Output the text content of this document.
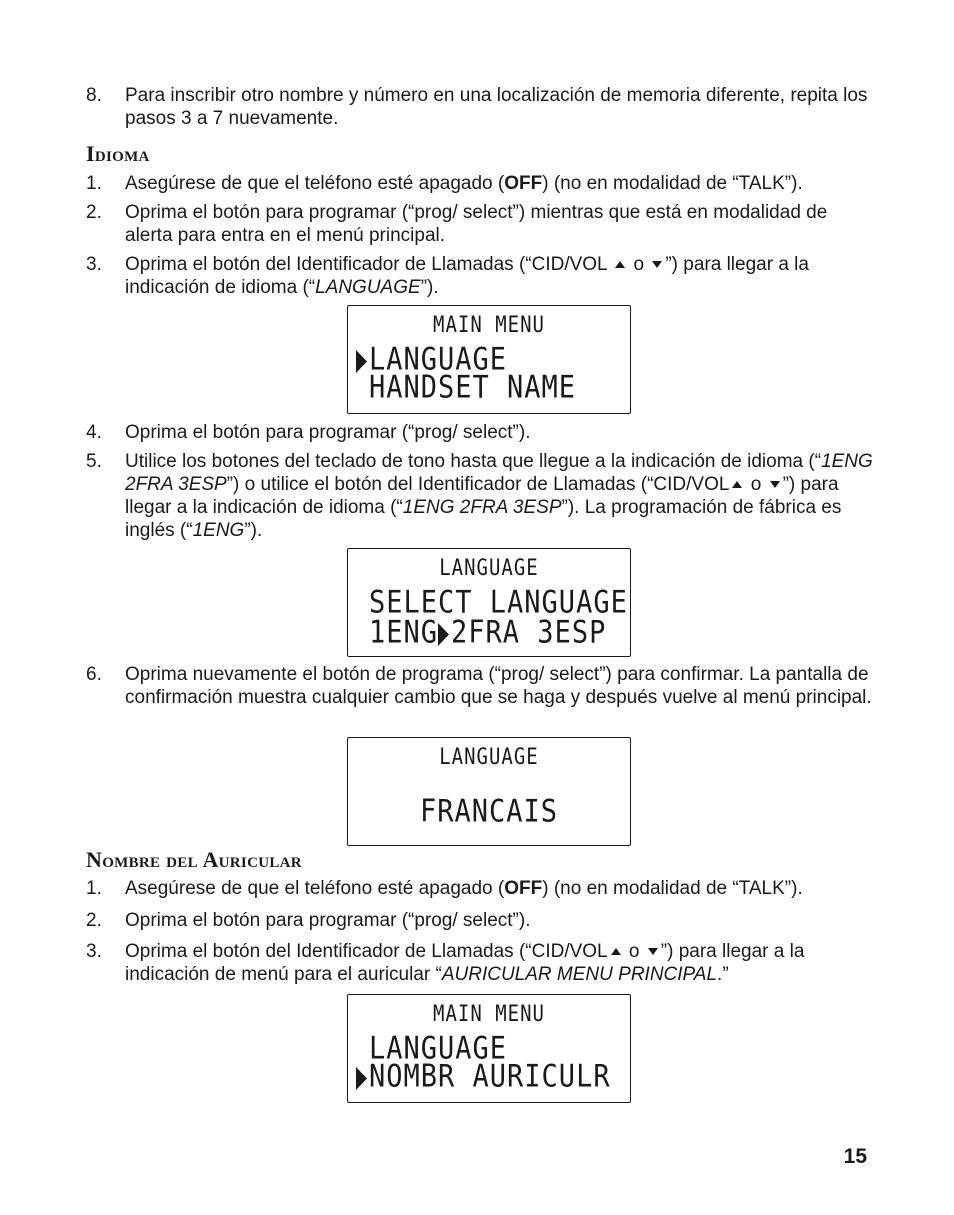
8.	Para inscribir otro nombre y número en una localización de memoria diferente, repita los pasos 3 a 7 nuevamente.
Idioma
1.	Asegúrese de que el teléfono esté apagado (OFF) (no en modalidad de “TALK”).
2.	Oprima el botón para programar (“prog/ select”) mientras que está en modalidad de alerta para entra en el menú principal.
3.	Oprima el botón del Identificador de Llamadas (“CID/VOL o ”) para llegar a la indicación de idioma (“LANGUAGE”).
MAIN MENU
LANGUAGE
HANDSET NAME
4.	Oprima el botón para programar (“prog/ select”).
5.	Utilice los botones del teclado de tono hasta que llegue a la indicación de idioma (“1ENG 2FRA 3ESP”) o utilice el botón del Identificador de Llamadas (“CID/VOL o ”) para llegar a la indicación de idioma (“1ENG 2FRA 3ESP”). La programación de fábrica es inglés (“1ENG”).
LANGUAGE
SELECT LANGUAGE
1ENG 2FRA 3ESP
6.	Oprima nuevamente el botón de programa (“prog/ select”) para confirmar. La pantalla de confirmación muestra cualquier cambio que se haga y después vuelve al menú principal.
LANGUAGE
FRANCAIS
Nombre del Auricular
1.	Asegúrese de que el teléfono esté apagado (OFF) (no en modalidad de “TALK”).
2.	Oprima el botón para programar (“prog/ select”).
3.	Oprima el botón del Identificador de Llamadas (“CID/VOL o ”) para llegar a la indicación de menú para el auricular “AURICULAR MENU PRINCIPAL.”
MAIN MENU
LANGUAGE
NOMBR AURICULR
15
